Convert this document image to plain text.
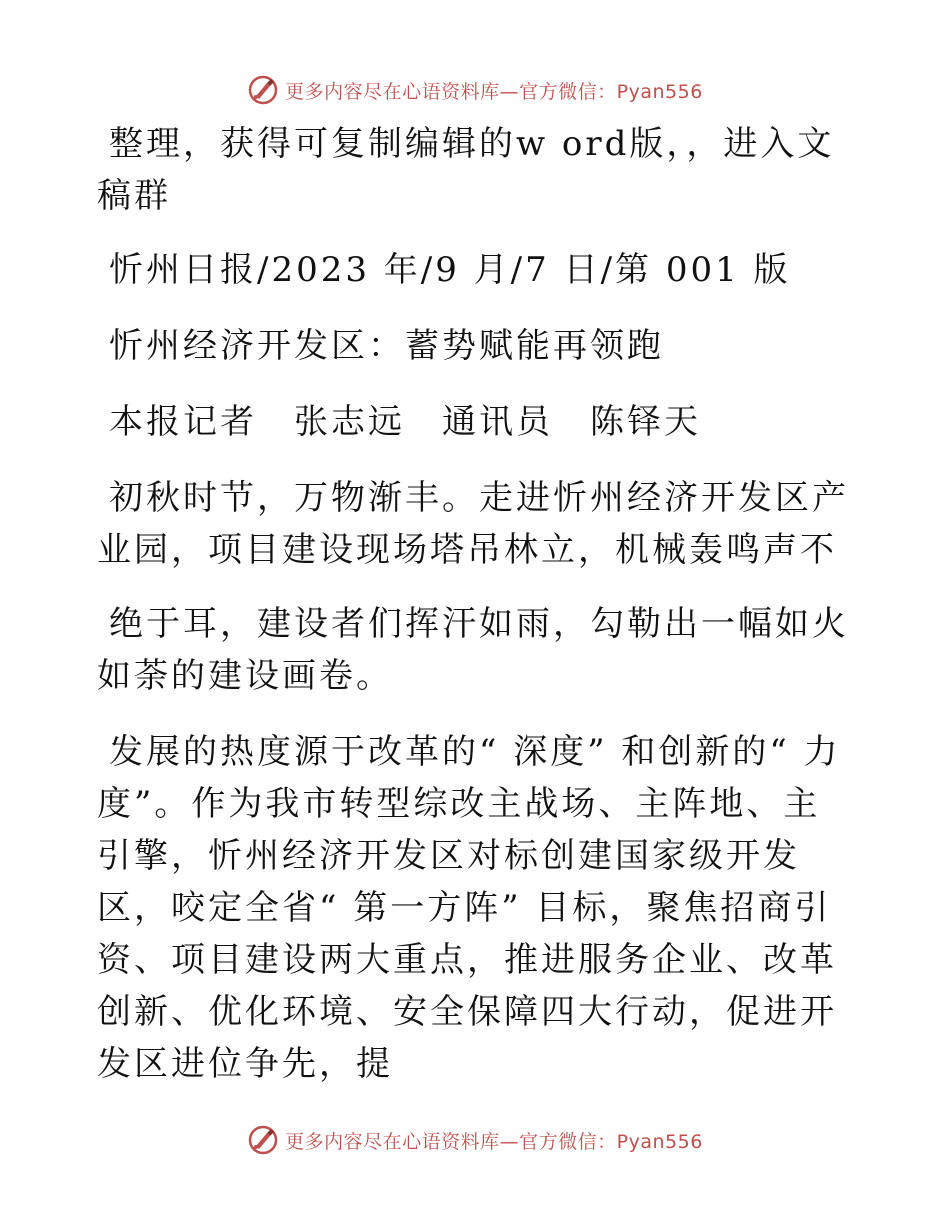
更多内容尽在心语资料库—官方微信：Pyan556

整理，获得可复制编辑的w ord版，，进入文稿群

忻州日报/2023 年/9 月/7 日/第 001 版

忻州经济开发区：蓄势赋能再领跑

本报记者　张志远　通讯员　陈铎天

初秋时节，万物渐丰。走进忻州经济开发区产业园，项目建设现场塔吊林立，机械轰鸣声不

绝于耳，建设者们挥汗如雨，勾勒出一幅如火如荼的建设画卷。

发展的热度源于改革的“ 深度” 和创新的“ 力度”。作为我市转型综改主战场、主阵地、主引擎，忻州经济开发区对标创建国家级开发区，咬定全省“ 第一方阵” 目标，聚焦招商引资、项目建设两大重点，推进服务企业、改革创新、优化环境、安全保障四大行动，促进开发区进位争先，提

更多内容尽在心语资料库—官方微信：Pyan556
